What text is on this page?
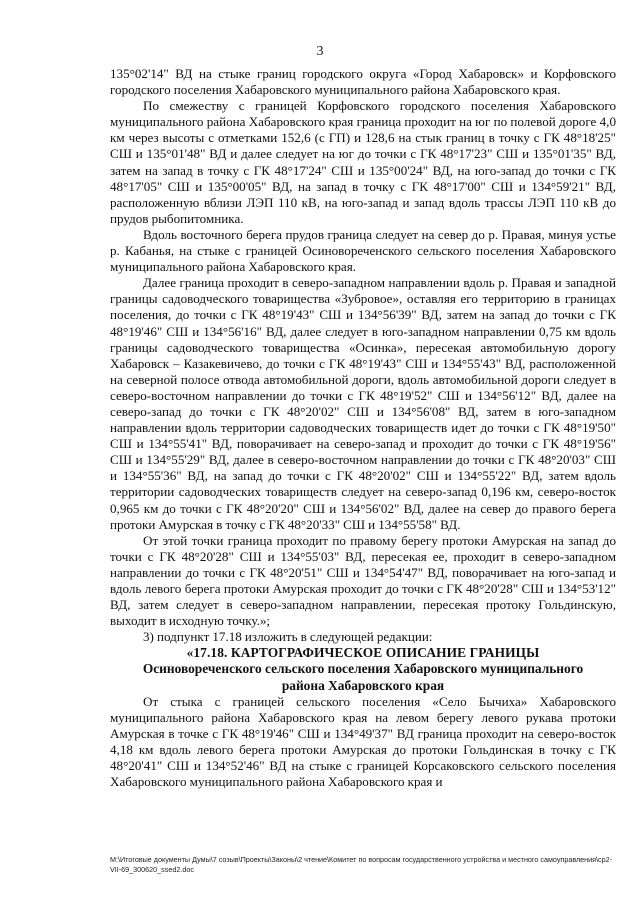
3

135°02'14" ВД на стыке границ городского округа «Город Хабаровск» и Корфовского городского поселения Хабаровского муниципального района Хабаровского края.

По смежеству с границей Корфовского городского поселения Хабаровского муниципального района Хабаровского края граница проходит на юг по полевой дороге 4,0 км через высоты с отметками 152,6 (с ГП) и 128,6 на стык границ в точку с ГК 48°18'25" СШ и 135°01'48" ВД и далее следует на юг до точки с ГК 48°17'23" СШ и 135°01'35" ВД, затем на запад в точку с ГК 48°17'24" СШ и 135°00'24" ВД, на юго-запад до точки с ГК 48°17'05" СШ и 135°00'05" ВД, на запад в точку с ГК 48°17'00" СШ и 134°59'21" ВД, расположенную вблизи ЛЭП 110 кВ, на юго-запад и запад вдоль трассы ЛЭП 110 кВ до прудов рыбопитомника.

Вдоль восточного берега прудов граница следует на север до р. Правая, минуя устье р. Кабанья, на стыке с границей Осиновореченского сельского поселения Хабаровского муниципального района Хабаровского края.

Далее граница проходит в северо-западном направлении вдоль р. Правая и западной границы садоводческого товарищества «Зубровое», оставляя его территорию в границах поселения, до точки с ГК 48°19'43" СШ и 134°56'39" ВД, затем на запад до точки с ГК 48°19'46" СШ и 134°56'16" ВД, далее следует в юго-западном направлении 0,75 км вдоль границы садоводческого товарищества «Осинка», пересекая автомобильную дорогу Хабаровск – Казакевичево, до точки с ГК 48°19'43" СШ и 134°55'43" ВД, расположенной на северной полосе отвода автомобильной дороги, вдоль автомобильной дороги следует в северо-восточном направлении до точки с ГК 48°19'52" СШ и 134°56'12" ВД, далее на северо-запад до точки с ГК 48°20'02" СШ и 134°56'08" ВД, затем в юго-западном направлении вдоль территории садоводческих товариществ идет до точки с ГК 48°19'50" СШ и 134°55'41" ВД, поворачивает на северо-запад и проходит до точки с ГК 48°19'56" СШ и 134°55'29" ВД, далее в северо-восточном направлении до точки с ГК 48°20'03" СШ и 134°55'36" ВД, на запад до точки с ГК 48°20'02" СШ и 134°55'22" ВД, затем вдоль территории садоводческих товариществ следует на северо-запад 0,196 км, северо-восток 0,965 км до точки с ГК 48°20'20" СШ и 134°56'02" ВД, далее на север до правого берега протоки Амурская в точку с ГК 48°20'33" СШ и 134°55'58" ВД.

От этой точки граница проходит по правому берегу протоки Амурская на запад до точки с ГК 48°20'28" СШ и 134°55'03" ВД, пересекая ее, проходит в северо-западном направлении до точки с ГК 48°20'51" СШ и 134°54'47" ВД, поворачивает на юго-запад и вдоль левого берега протоки Амурская проходит до точки с ГК 48°20'28" СШ и 134°53'12" ВД, затем следует в северо-западном направлении, пересекая протоку Гольдинскую, выходит в исходную точку.»;

3) подпункт 17.18 изложить в следующей редакции:

«17.18. КАРТОГРАФИЧЕСКОЕ ОПИСАНИЕ ГРАНИЦЫ
Осиновореченского сельского поселения Хабаровского муниципального
района Хабаровского края

От стыка с границей сельского поселения «Село Бычиха» Хабаровского муниципального района Хабаровского края на левом берегу левого рукава протоки Амурская в точке с ГК 48°19'46" СШ и 134°49'37" ВД граница проходит на северо-восток 4,18 км вдоль левого берега протоки Амурская до протоки Гольдинская в точку с ГК 48°20'41" СШ и 134°52'46" ВД на стыке с границей Корсаковского сельского поселения Хабаровского муниципального района Хабаровского края и

М:\Итоговые документы Думы\7 созыв\Проекты\Законы\2 чтение\Комитет по вопросам государственного устройства и местного самоуправления\ср2-VII-69_300620_ssed2.doc
